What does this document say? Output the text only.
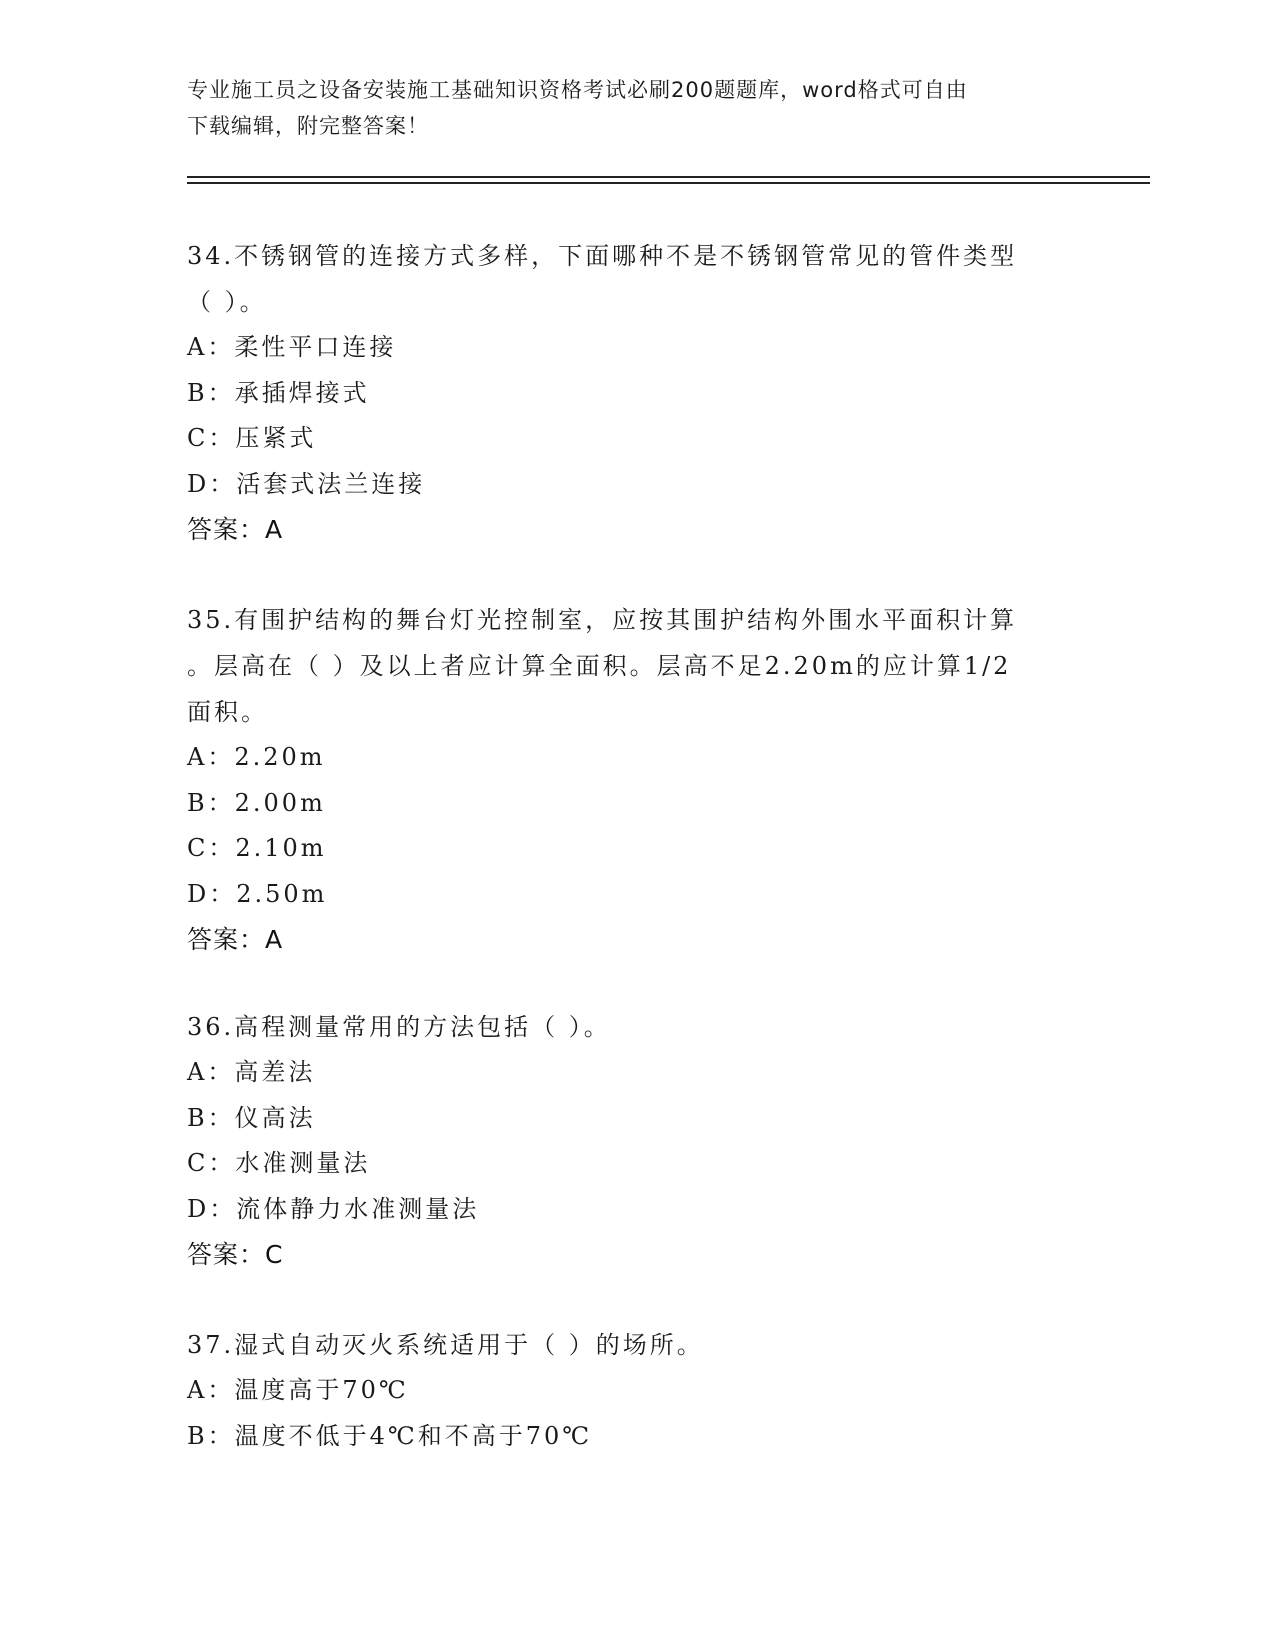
专业施工员之设备安装施工基础知识资格考试必刷200题题库，word格式可自由
下载编辑，附完整答案！
34.不锈钢管的连接方式多样，下面哪种不是不锈钢管常见的管件类型
（ ）。
A：柔性平口连接
B：承插焊接式
C：压紧式
D：活套式法兰连接
答案：A
35.有围护结构的舞台灯光控制室，应按其围护结构外围水平面积计算
。层高在（ ）及以上者应计算全面积。层高不足2.20m的应计算1/2
面积。
A：2.20m
B：2.00m
C：2.10m
D：2.50m
答案：A
36.高程测量常用的方法包括（ ）。
A：高差法
B：仪高法
C：水准测量法
D：流体静力水准测量法
答案：C
37.湿式自动灭火系统适用于（ ）的场所。
A：温度高于70℃
B：温度不低于4℃和不高于70℃
